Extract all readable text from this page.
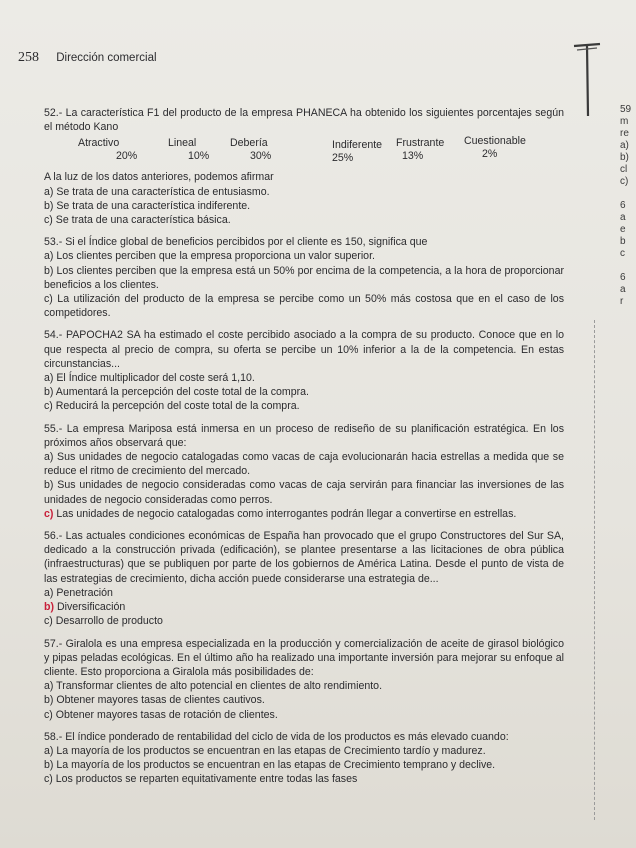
258 Dirección comercial
59
m
re
a)
b)
cl
c)
6
a
e
b
c
6
a
r

52.- La característica F1 del producto de la empresa PHANECA ha obtenido los siguientes porcentajes según el método Kano

Atractivo
20%
Lineal
10%
Debería
30%
Indiferente
25%
Frustrante
13%
Cuestionable
2%

A la luz de los datos anteriores, podemos afirmar

a) Se trata de una característica de entusiasmo.

b) Se trata de una característica indiferente.

c) Se trata de una característica básica.

53.- Si el Índice global de beneficios percibidos por el cliente es 150, significa que

a) Los clientes perciben que la empresa proporciona un valor superior.

b) Los clientes perciben que la empresa está un 50% por encima de la competencia, a la hora de proporcionar beneficios a los clientes.

c) La utilización del producto de la empresa se percibe como un 50% más costosa que en el caso de los competidores.

54.- PAPOCHA2 SA ha estimado el coste percibido asociado a la compra de su producto. Conoce que en lo que respecta al precio de compra, su oferta se percibe un 10% inferior a la de la competencia. En estas circunstancias...

a) El Índice multiplicador del coste será 1,10.

b) Aumentará la percepción del coste total de la compra.

c) Reducirá la percepción del coste total de la compra.

55.- La empresa Mariposa está inmersa en un proceso de rediseño de su planificación estratégica. En los próximos años observará que:

a) Sus unidades de negocio catalogadas como vacas de caja evolucionarán hacia estrellas a medida que se reduce el ritmo de crecimiento del mercado.

b) Sus unidades de negocio consideradas como vacas de caja servirán para financiar las inversiones de las unidades de negocio consideradas como perros.

c) Las unidades de negocio catalogadas como interrogantes podrán llegar a convertirse en estrellas.

56.- Las actuales condiciones económicas de España han provocado que el grupo Constructores del Sur SA, dedicado a la construcción privada (edificación), se plantee presentarse a las licitaciones de obra pública (infraestructuras) que se publiquen por parte de los gobiernos de América Latina. Desde el punto de vista de las estrategias de crecimiento, dicha acción puede considerarse una estrategia de...

a) Penetración

b) Diversificación

c) Desarrollo de producto

57.- Giralola es una empresa especializada en la producción y comercialización de aceite de girasol biológico y pipas peladas ecológicas. En el último año ha realizado una importante inversión para mejorar su enfoque al cliente. Esto proporciona a Giralola más posibilidades de:

a) Transformar clientes de alto potencial en clientes de alto rendimiento.

b) Obtener mayores tasas de clientes cautivos.

c) Obtener mayores tasas de rotación de clientes.

58.- El índice ponderado de rentabilidad del ciclo de vida de los productos es más elevado cuando:

a) La mayoría de los productos se encuentran en las etapas de Crecimiento tardío y madurez.

b) La mayoría de los productos se encuentran en las etapas de Crecimiento temprano y declive.

c) Los productos se reparten equitativamente entre todas las fases
